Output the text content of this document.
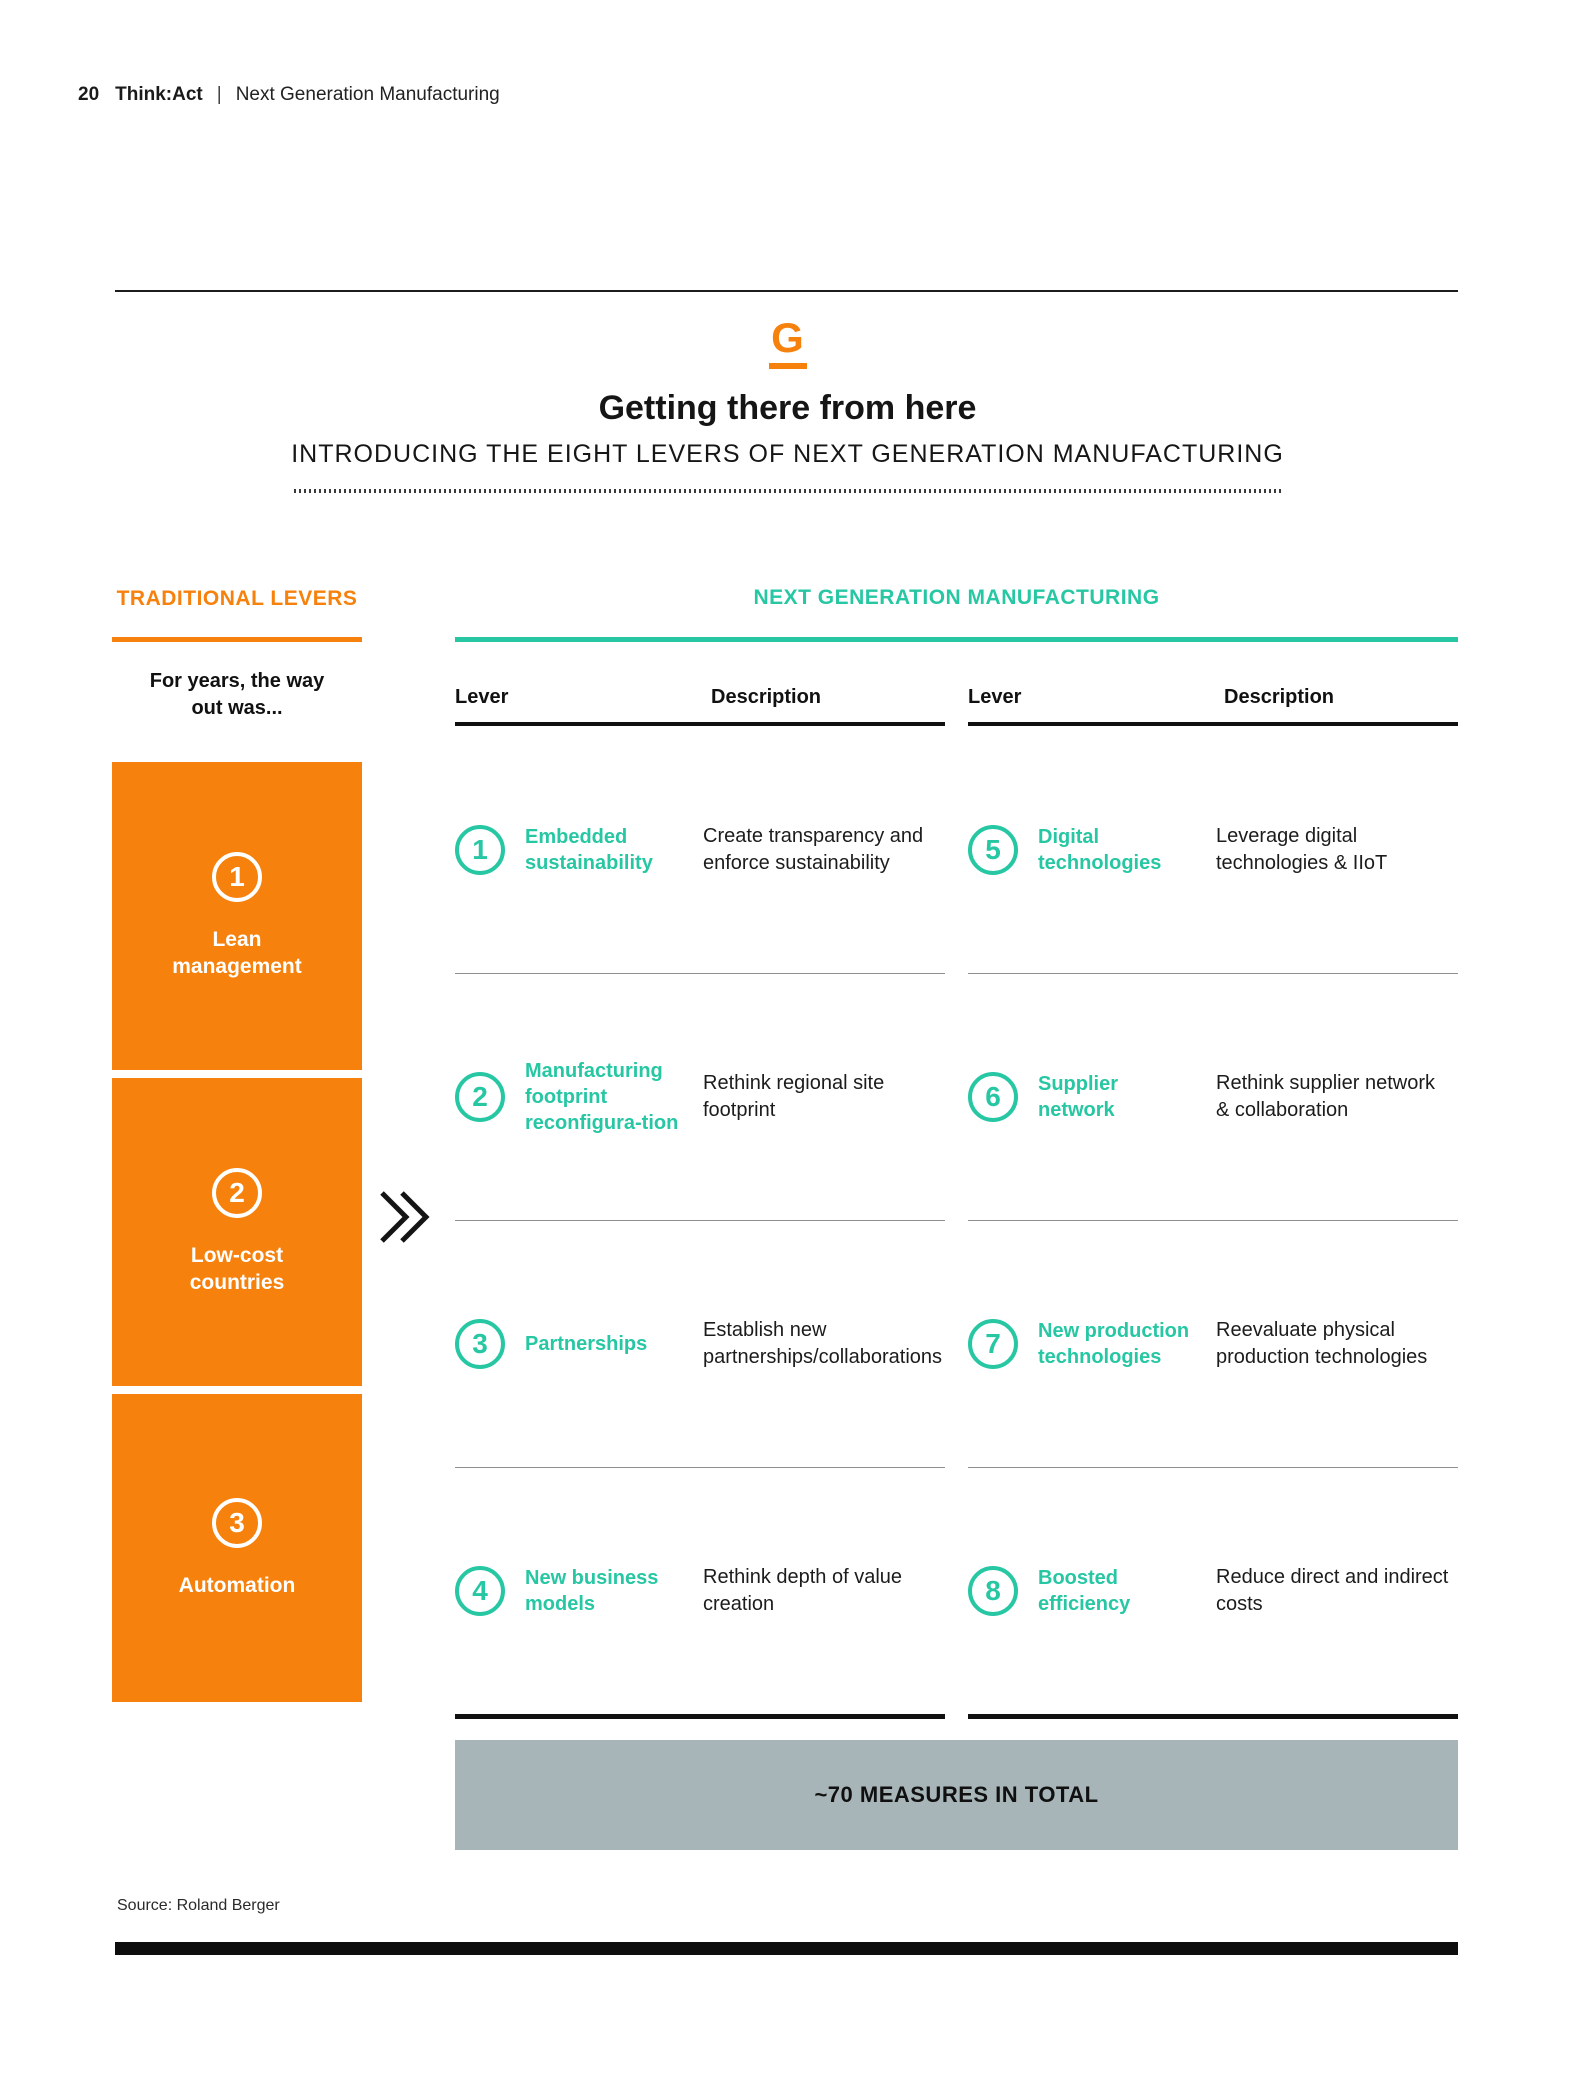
20 Think:Act | Next Generation Manufacturing
G
Getting there from here
INTRODUCING THE EIGHT LEVERS OF NEXT GENERATION MANUFACTURING
TRADITIONAL LEVERS
For years, the way
out was...
1
Lean management
2
Low-cost countries
3
Automation
NEXT GENERATION MANUFACTURING
Lever	Description
1 Embedded sustainability
Create transparency and enforce sustainability
2
Manufacturing footprint reconfigura-tion
Rethink regional site footprint
3 Partnerships
Establish new partnerships/collaborations
4 New business models
Rethink depth of value creation
Lever	Description
5 Digital technologies
Leverage digital technologies & IIoT
6 Supplier network
Rethink supplier network & collaboration
7 New production technologies
Reevaluate physical production technologies
8 Boosted efficiency
Reduce direct and indirect costs
~70 MEASURES IN TOTAL
Source: Roland Berger
